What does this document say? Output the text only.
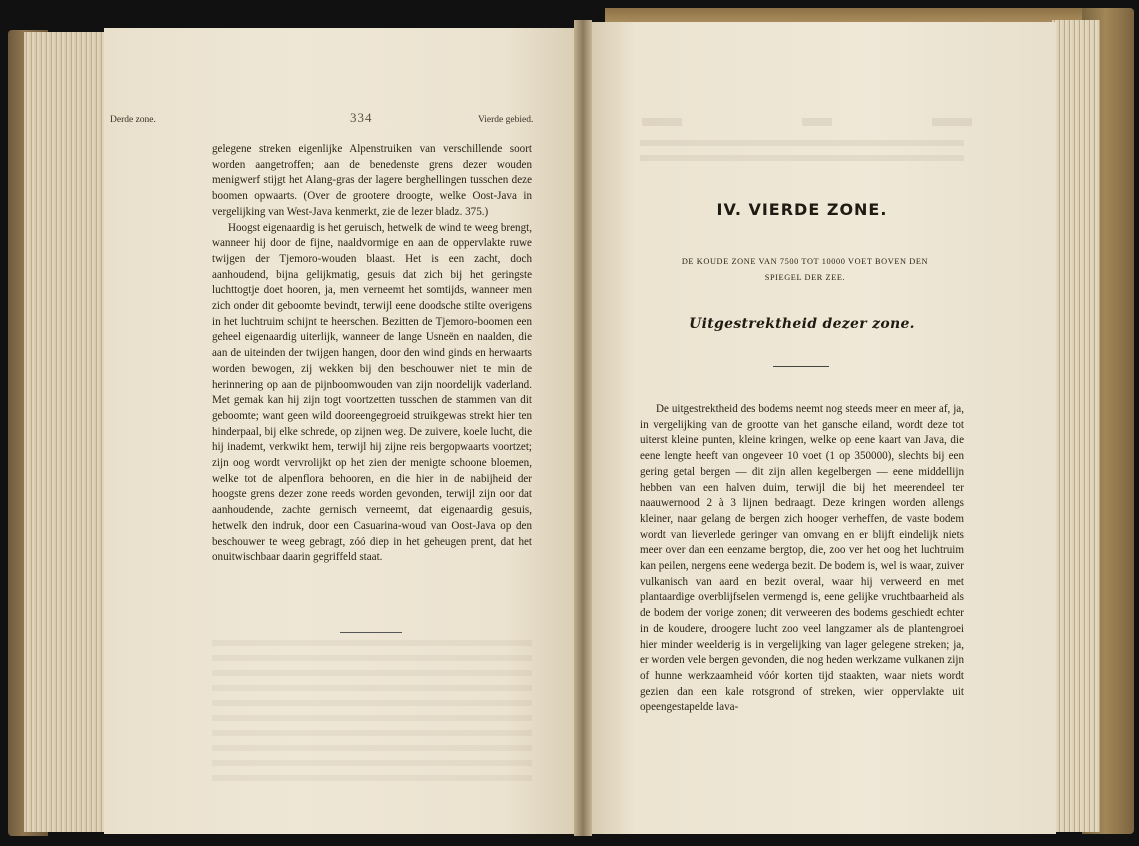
Derde zone.	334	Vierde gebied.

gelegene streken eigenlijke Alpenstruiken van verschillende soort worden aangetroffen; aan de benedenste grens dezer wouden menigwerf stijgt het Alang-gras der lagere berghellingen tusschen deze boomen opwaarts. (Over de grootere droogte, welke Oost-Java in vergelijking van West-Java kenmerkt, zie de lezer bladz. 375.)

Hoogst eigenaardig is het geruisch, hetwelk de wind te weeg brengt, wanneer hij door de fijne, naaldvormige en aan de oppervlakte ruwe twijgen der Tjemoro-wouden blaast. Het is een zacht, doch aanhoudend, bijna gelijkmatig, gesuis dat zich bij het geringste luchttogtje doet hooren, ja, men verneemt het somtijds, wanneer men zich onder dit geboomte bevindt, terwijl eene doodsche stilte overigens in het luchtruim schijnt te heerschen. Bezitten de Tjemoro-boomen een geheel eigenaardig uiterlijk, wanneer de lange Usneën en naalden, die aan de uiteinden der twijgen hangen, door den wind ginds en herwaarts worden bewogen, zij wekken bij den beschouwer niet te min de herinnering op aan de pijnboomwouden van zijn noordelijk vaderland. Met gemak kan hij zijn togt voortzetten tusschen de stammen van dit geboomte; want geen wild dooreengegroeid struikgewas strekt hier ten hinderpaal, bij elke schrede, op zijnen weg. De zuivere, koele lucht, die hij inademt, verkwikt hem, terwijl hij zijne reis bergopwaarts voortzet; zijn oog wordt vervrolijkt op het zien der menigte schoone bloemen, welke tot de alpenflora behooren, en die hier in de nabijheid der hoogste grens dezer zone reeds worden gevonden, terwijl zijn oor dat aanhoudende, zachte gernisch verneemt, dat eigenaardig gesuis, hetwelk den indruk, door een Casuarina-woud van Oost-Java op den beschouwer te weeg gebragt, zóó diep in het geheugen prent, dat het onuitwischbaar daarin gegriffeld staat.

IV. VIERDE ZONE.
DE KOUDE ZONE VAN 7500 TOT 10000 VOET BOVEN DEN
SPIEGEL DER ZEE.
Uitgestrektheid dezer zone.

De uitgestrektheid des bodems neemt nog steeds meer en meer af, ja, in vergelijking van de grootte van het gansche eiland, wordt deze tot uiterst kleine punten, kleine kringen, welke op eene kaart van Java, die eene lengte heeft van ongeveer 10 voet (1 op 350000), slechts bij een gering getal bergen — dit zijn allen kegelbergen — eene middellijn hebben van een halven duim, terwijl die bij het meerendeel ter naauwernood 2 à 3 lijnen bedraagt. Deze kringen worden allengs kleiner, naar gelang de bergen zich hooger verheffen, de vaste bodem wordt van lieverlede geringer van omvang en er blijft eindelijk niets meer over dan een eenzame bergtop, die, zoo ver het oog het luchtruim kan peilen, nergens eene wederga bezit. De bodem is, wel is waar, zuiver vulkanisch van aard en bezit overal, waar hij verweerd en met plantaardige overblijfselen vermengd is, eene gelijke vruchtbaarheid als de bodem der vorige zonen; dit verweeren des bodems geschiedt echter in de koudere, droogere lucht zoo veel langzamer als de plantengroei hier minder weelderig is in vergelijking van lager gelegene streken; ja, er worden vele bergen gevonden, die nog heden werkzame vulkanen zijn of hunne werkzaamheid vóór korten tijd staakten, waar niets wordt gezien dan een kale rotsgrond of streken, wier oppervlakte uit opeengestapelde lava-
